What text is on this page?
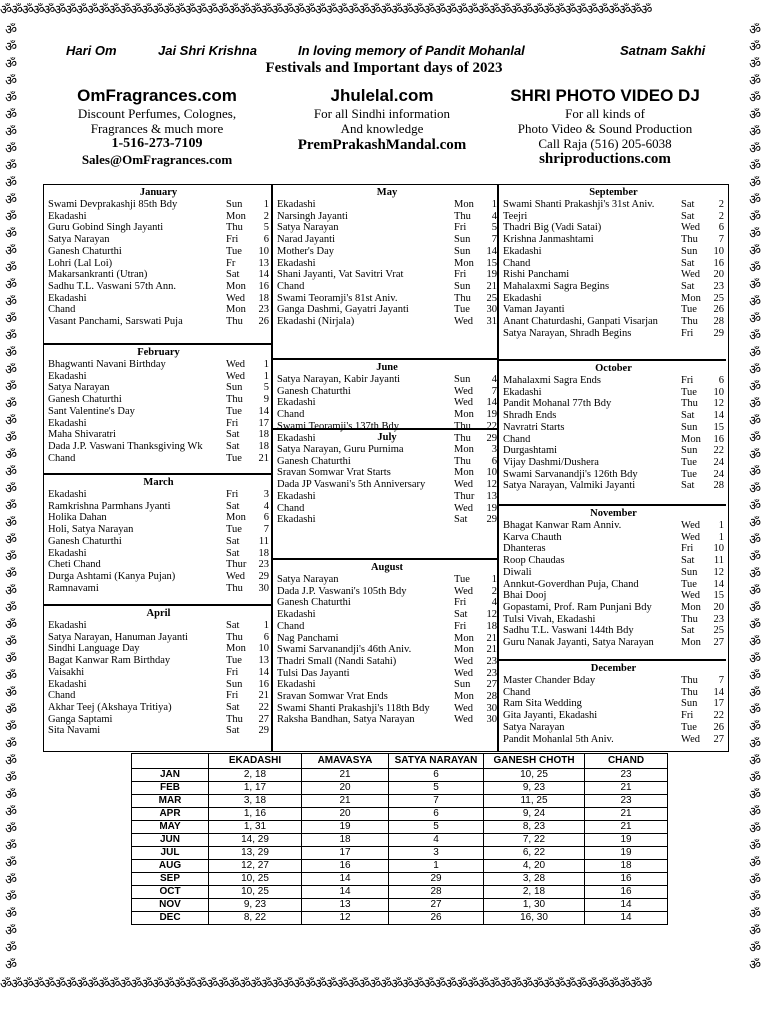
ॐॐॐॐॐॐॐॐॐॐॐॐॐॐॐॐॐॐॐॐॐॐॐॐॐॐॐॐॐॐॐॐॐॐॐॐॐॐॐॐॐॐॐॐॐॐॐॐॐॐॐॐॐॐॐॐॐॐॐॐ
ॐॐॐॐॐॐॐॐॐॐॐॐॐॐॐॐॐॐॐॐॐॐॐॐॐॐॐॐॐॐॐॐॐॐॐॐॐॐॐॐॐॐॐॐॐॐॐॐॐॐॐॐॐॐॐॐॐॐॐॐ
ॐॐॐॐॐॐॐॐॐॐॐॐॐॐॐॐॐॐॐॐॐॐॐॐॐॐॐॐॐॐॐॐॐॐॐॐॐॐॐॐॐॐॐॐॐॐॐॐॐॐॐॐॐॐॐॐ
ॐॐॐॐॐॐॐॐॐॐॐॐॐॐॐॐॐॐॐॐॐॐॐॐॐॐॐॐॐॐॐॐॐॐॐॐॐॐॐॐॐॐॐॐॐॐॐॐॐॐॐॐॐॐॐॐ
Hari Om	Jai Shri Krishna	In loving memory of Pandit Mohanlal	Satnam Sakhi
Festivals and Important days of 2023
OmFragrances.com
Discount Perfumes, Colognes,
Fragrances & much more
1-516-273-7109
Sales@OmFragrances.com
Jhulelal.com
For all Sindhi information
And knowledge
PremPrakashMandal.com
SHRI PHOTO VIDEO DJ
For all kinds of
Photo Video & Sound Production
Call Raja (516) 205-6038
shriproductions.com
January
Swami Devprakashji 85th Bdy	Sun	1
Ekadashi	Mon	2
Guru Gobind Singh Jayanti	Thu	5
Satya Narayan	Fri	6
Ganesh Chaturthi	Tue	10
Lohri (Lal Loi)	Fr	13
Makarsankranti (Utran)	Sat	14
Sadhu T.L. Vaswani 57th Ann.	Mon	16
Ekadashi	Wed	18
Chand	Mon	23
Vasant Panchami, Sarswati Puja	Thu	26
February
Bhagwanti Navani Birthday	Wed	1
Ekadashi	Wed	1
Satya Narayan	Sun	5
Ganesh Chaturthi	Thu	9
Sant Valentine's Day	Tue	14
Ekadashi	Fri	17
Maha Shivaratri	Sat	18
Dada J.P. Vaswani Thanksgiving Wk	Sat	18
Chand	Tue	21
March
Ekadashi	Fri	3
Ramkrishna Parmhans Jyanti	Sat	4
Holika Dahan	Mon	6
Holi, Satya Narayan	Tue	7
Ganesh Chaturthi	Sat	11
Ekadashi	Sat	18
Cheti Chand	Thur	23
Durga Ashtami (Kanya Pujan)	Wed	29
Ramnavami	Thu	30
April
Ekadashi	Sat	1
Satya Narayan, Hanuman Jayanti	Thu	6
Sindhi Language Day	Mon	10
Bagat Kanwar Ram Birthday	Tue	13
Vaisakhi	Fri	14
Ekadashi	Sun	16
Chand	Fri	21
Akhar Teej (Akshaya Tritiya)	Sat	22
Ganga Saptami	Thu	27
Sita Navami	Sat	29
May
Ekadashi	Mon	1
Narsingh Jayanti	Thu	4
Satya Narayan	Fri	5
Narad Jayanti	Sun	7
Mother's Day	Sun	14
Ekadashi	Mon	15
Shani Jayanti, Vat Savitri Vrat	Fri	19
Chand	Sun	21
Swami Teoramji's 81st Aniv.	Thu	25
Ganga Dashmi, Gayatri Jayanti	Tue	30
Ekadashi (Nirjala)	Wed	31
June
Satya Narayan, Kabir Jayanti	Sun	4
Ganesh Chaturthi	Wed	7
Ekadashi	Wed	14
Chand	Mon	19
Swami Teoramji's 137th Bdy	Thu	22
Ekadashi	Thu	29
July
Satya Narayan, Guru Purnima	Mon	3
Ganesh Chaturthi	Thu	6
Sravan Somwar Vrat Starts	Mon	10
Dada JP Vaswani's 5th Anniversary	Wed	12
Ekadashi	Thur	13
Chand	Wed	19
Ekadashi	Sat	29
August
Satya Narayan	Tue	1
Dada J.P. Vaswani's 105th Bdy	Wed	2
Ganesh Chaturthi	Fri	4
Ekadashi	Sat	12
Chand	Fri	18
Nag Panchami	Mon	21
Swami Sarvanandji's 46th Aniv.	Mon	21
Thadri Small (Nandi Satahi)	Wed	23
Tulsi Das Jayanti	Wed	23
Ekadashi	Sun	27
Sravan Somwar Vrat Ends	Mon	28
Swami Shanti Prakashji's 118th Bdy	Wed	30
Raksha Bandhan, Satya Narayan	Wed	30
September
Swami Shanti Prakashji's 31st Aniv.	Sat	2
Teejri	Sat	2
Thadri Big (Vadi Satai)	Wed	6
Krishna Janmashtami	Thu	7
Ekadashi	Sun	10
Chand	Sat	16
Rishi Panchami	Wed	20
Mahalaxmi Sagra Begins	Sat	23
Ekadashi	Mon	25
Vaman Jayanti	Tue	26
Anant Chaturdashi, Ganpati Visarjan	Thu	28
Satya Narayan, Shradh Begins	Fri	29
October
Mahalaxmi Sagra Ends	Fri	6
Ekadashi	Tue	10
Pandit Mohanal 77th Bdy	Thu	12
Shradh Ends	Sat	14
Navratri Starts	Sun	15
Chand	Mon	16
Durgashtami	Sun	22
Vijay Dashmi/Dushera	Tue	24
Swami Sarvanandji's 126th Bdy	Tue	24
Satya Narayan, Valmiki Jayanti	Sat	28
November
Bhagat Kanwar Ram Anniv.	Wed	1
Karva Chauth	Wed	1
Dhanteras	Fri	10
Roop Chaudas	Sat	11
Diwali	Sun	12
Annkut-Goverdhan Puja, Chand	Tue	14
Bhai Dooj	Wed	15
Gopastami, Prof. Ram Punjani Bdy	Mon	20
Tulsi Vivah, Ekadashi	Thu	23
Sadhu T.L. Vaswani 144th Bdy	Sat	25
Guru Nanak Jayanti, Satya Narayan	Mon	27
December
Master Chander Bday	Thu	7
Chand	Thu	14
Ram Sita Wedding	Sun	17
Gita Jayanti, Ekadashi	Fri	22
Satya Narayan	Tue	26
Pandit Mohanlal 5th Aniv.	Wed	27
	EKADASHI	AMAVASYA	SATYA NARAYAN	GANESH CHOTH	CHAND
JAN	2, 18	21	6	10, 25	23
FEB	1, 17	20	5	9, 23	21
MAR	3, 18	21	7	11, 25	23
APR	1, 16	20	6	9, 24	21
MAY	1, 31	19	5	8, 23	21
JUN	14, 29	18	4	7, 22	19
JUL	13, 29	17	3	6, 22	19
AUG	12, 27	16	1	4, 20	18
SEP	10, 25	14	29	3, 28	16
OCT	10, 25	14	28	2, 18	16
NOV	9, 23	13	27	1, 30	14
DEC	8, 22	12	26	16, 30	14
